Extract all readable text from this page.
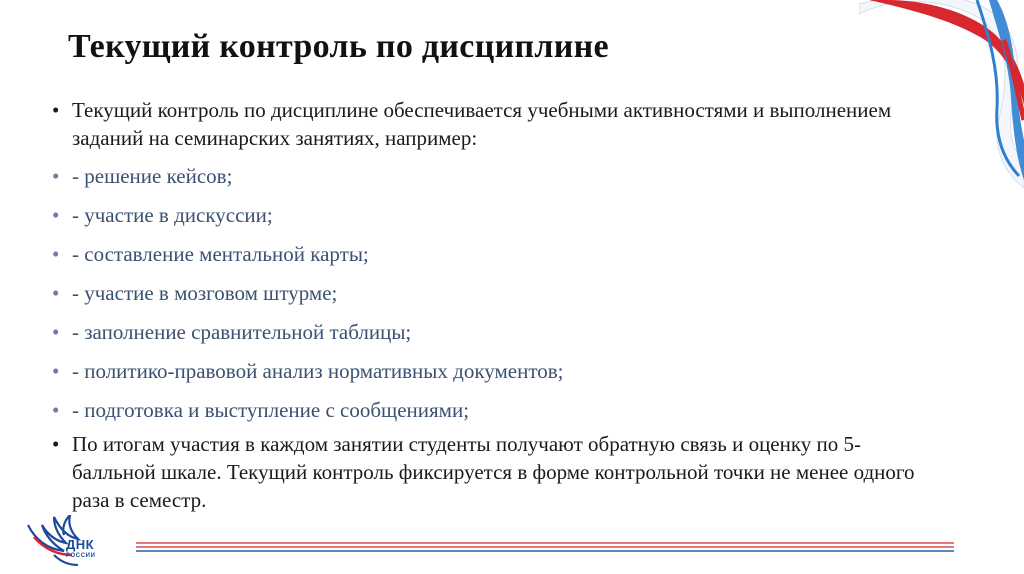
Текущий контроль по дисциплине
• Текущий контроль по дисциплине обеспечивается учебными активностями и выполнением заданий на семинарских занятиях, например:
• - решение кейсов;
• - участие в дискуссии;
• - составление ментальной карты;
• - участие в мозговом штурме;
• - заполнение сравнительной таблицы;
• - политико-правовой анализ нормативных документов;
• - подготовка и выступление с сообщениями;
• По итогам участия в каждом занятии студенты получают обратную связь и оценку по 5-балльной шкале. Текущий контроль фиксируется в форме контрольной точки не менее одного раза в семестр.
ДНК
РОССИИ
